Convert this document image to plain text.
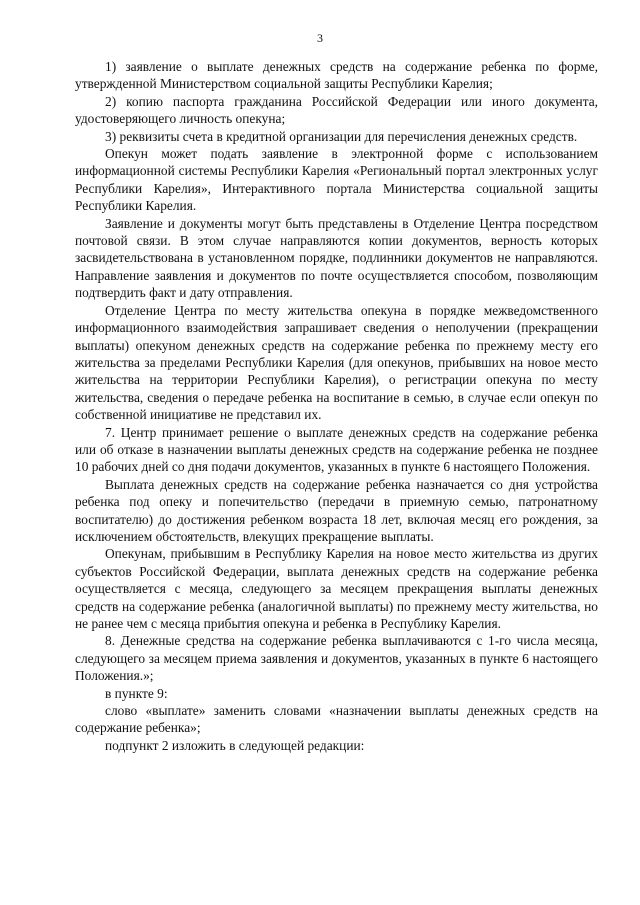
3

1) заявление о выплате денежных средств на содержание ребенка по форме, утвержденной Министерством социальной защиты Республики Карелия;

2) копию паспорта гражданина Российской Федерации или иного документа, удостоверяющего личность опекуна;

3) реквизиты счета в кредитной организации для перечисления денежных средств.

Опекун может подать заявление в электронной форме с использованием информационной системы Республики Карелия «Региональный портал электронных услуг Республики Карелия», Интерактивного портала Министерства социальной защиты Республики Карелия.

Заявление и документы могут быть представлены в Отделение Центра посредством почтовой связи. В этом случае направляются копии документов, верность которых засвидетельствована в установленном порядке, подлинники документов не направляются. Направление заявления и документов по почте осуществляется способом, позволяющим подтвердить факт и дату отправления.

Отделение Центра по месту жительства опекуна в порядке межведомственного информационного взаимодействия запрашивает сведения о неполучении (прекращении выплаты) опекуном денежных средств на содержание ребенка по прежнему месту его жительства за пределами Республики Карелия (для опекунов, прибывших на новое место жительства на территории Республики Карелия), о регистрации опекуна по месту жительства, сведения о передаче ребенка на воспитание в семью, в случае если опекун по собственной инициативе не представил их.

7. Центр принимает решение о выплате денежных средств на содержание ребенка или об отказе в назначении выплаты денежных средств на содержание ребенка не позднее 10 рабочих дней со дня подачи документов, указанных в пункте 6 настоящего Положения.

Выплата денежных средств на содержание ребенка назначается со дня устройства ребенка под опеку и попечительство (передачи в приемную семью, патронатному воспитателю) до достижения ребенком возраста 18 лет, включая месяц его рождения, за исключением обстоятельств, влекущих прекращение выплаты.

Опекунам, прибывшим в Республику Карелия на новое место жительства из других субъектов Российской Федерации, выплата денежных средств на содержание ребенка осуществляется с месяца, следующего за месяцем прекращения выплаты денежных средств на содержание ребенка (аналогичной выплаты) по прежнему месту жительства, но не ранее чем с месяца прибытия опекуна и ребенка в Республику Карелия.

8. Денежные средства на содержание ребенка выплачиваются с 1-го числа месяца, следующего за месяцем приема заявления и документов, указанных в пункте 6 настоящего Положения.»;

в пункте 9:

слово «выплате» заменить словами «назначении выплаты денежных средств на содержание ребенка»;

подпункт 2 изложить в следующей редакции:
